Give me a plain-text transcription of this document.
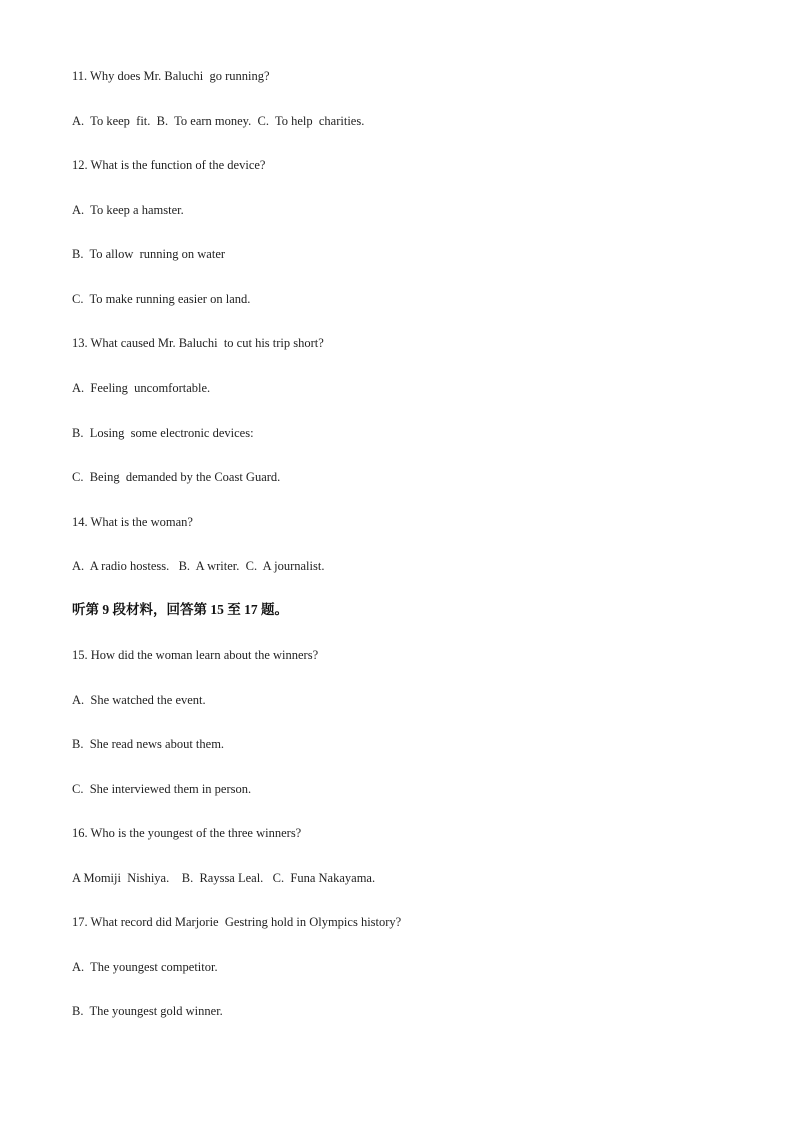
11. Why does Mr. Baluchi  go running?
A.  To keep  fit.  B.  To earn money.  C.  To help  charities.
12. What is the function of the device?
A.  To keep a hamster.
B.  To allow  running on water
C.  To make running easier on land.
13. What caused Mr. Baluchi  to cut his trip short?
A.  Feeling  uncomfortable.
B.  Losing  some electronic devices:
C.  Being  demanded by the Coast Guard.
14. What is the woman?
A.  A radio hostess.   B.  A writer.  C.  A journalist.
听第 9 段材料，回答第 15 至 17 题。
15. How did the woman learn about the winners?
A.  She watched the event.
B.  She read news about them.
C.  She interviewed them in person.
16. Who is the youngest of the three winners?
A Momiji  Nishiya.    B.  Rayssa Leal.   C.  Funa Nakayama.
17. What record did Marjorie  Gestring hold in Olympics history?
A.  The youngest competitor.
B.  The youngest gold winner.
